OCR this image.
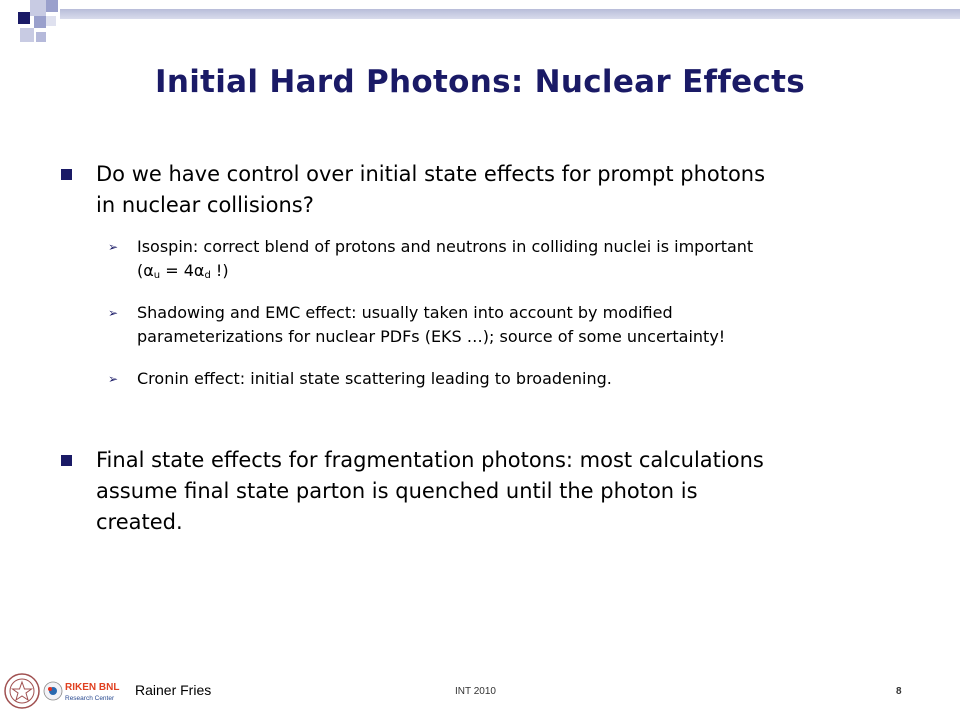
Initial Hard Photons: Nuclear Effects
Do we have control over initial state effects for prompt photons
in nuclear collisions?
➢ Isospin: correct blend of protons and neutrons in colliding nuclei is important
($\alpha_u = 4\alpha_d$ !)
➢ Shadowing and EMC effect: usually taken into account by modified
parameterizations for nuclear PDFs (EKS …); source of some uncertainty!
➢ Cronin effect: initial state scattering leading to broadening.
Final state effects for fragmentation photons: most calculations
assume final state parton is quenched until the photon is
created.
RIKEN BNL
Research Center
Rainer Fries	INT 2010	8
